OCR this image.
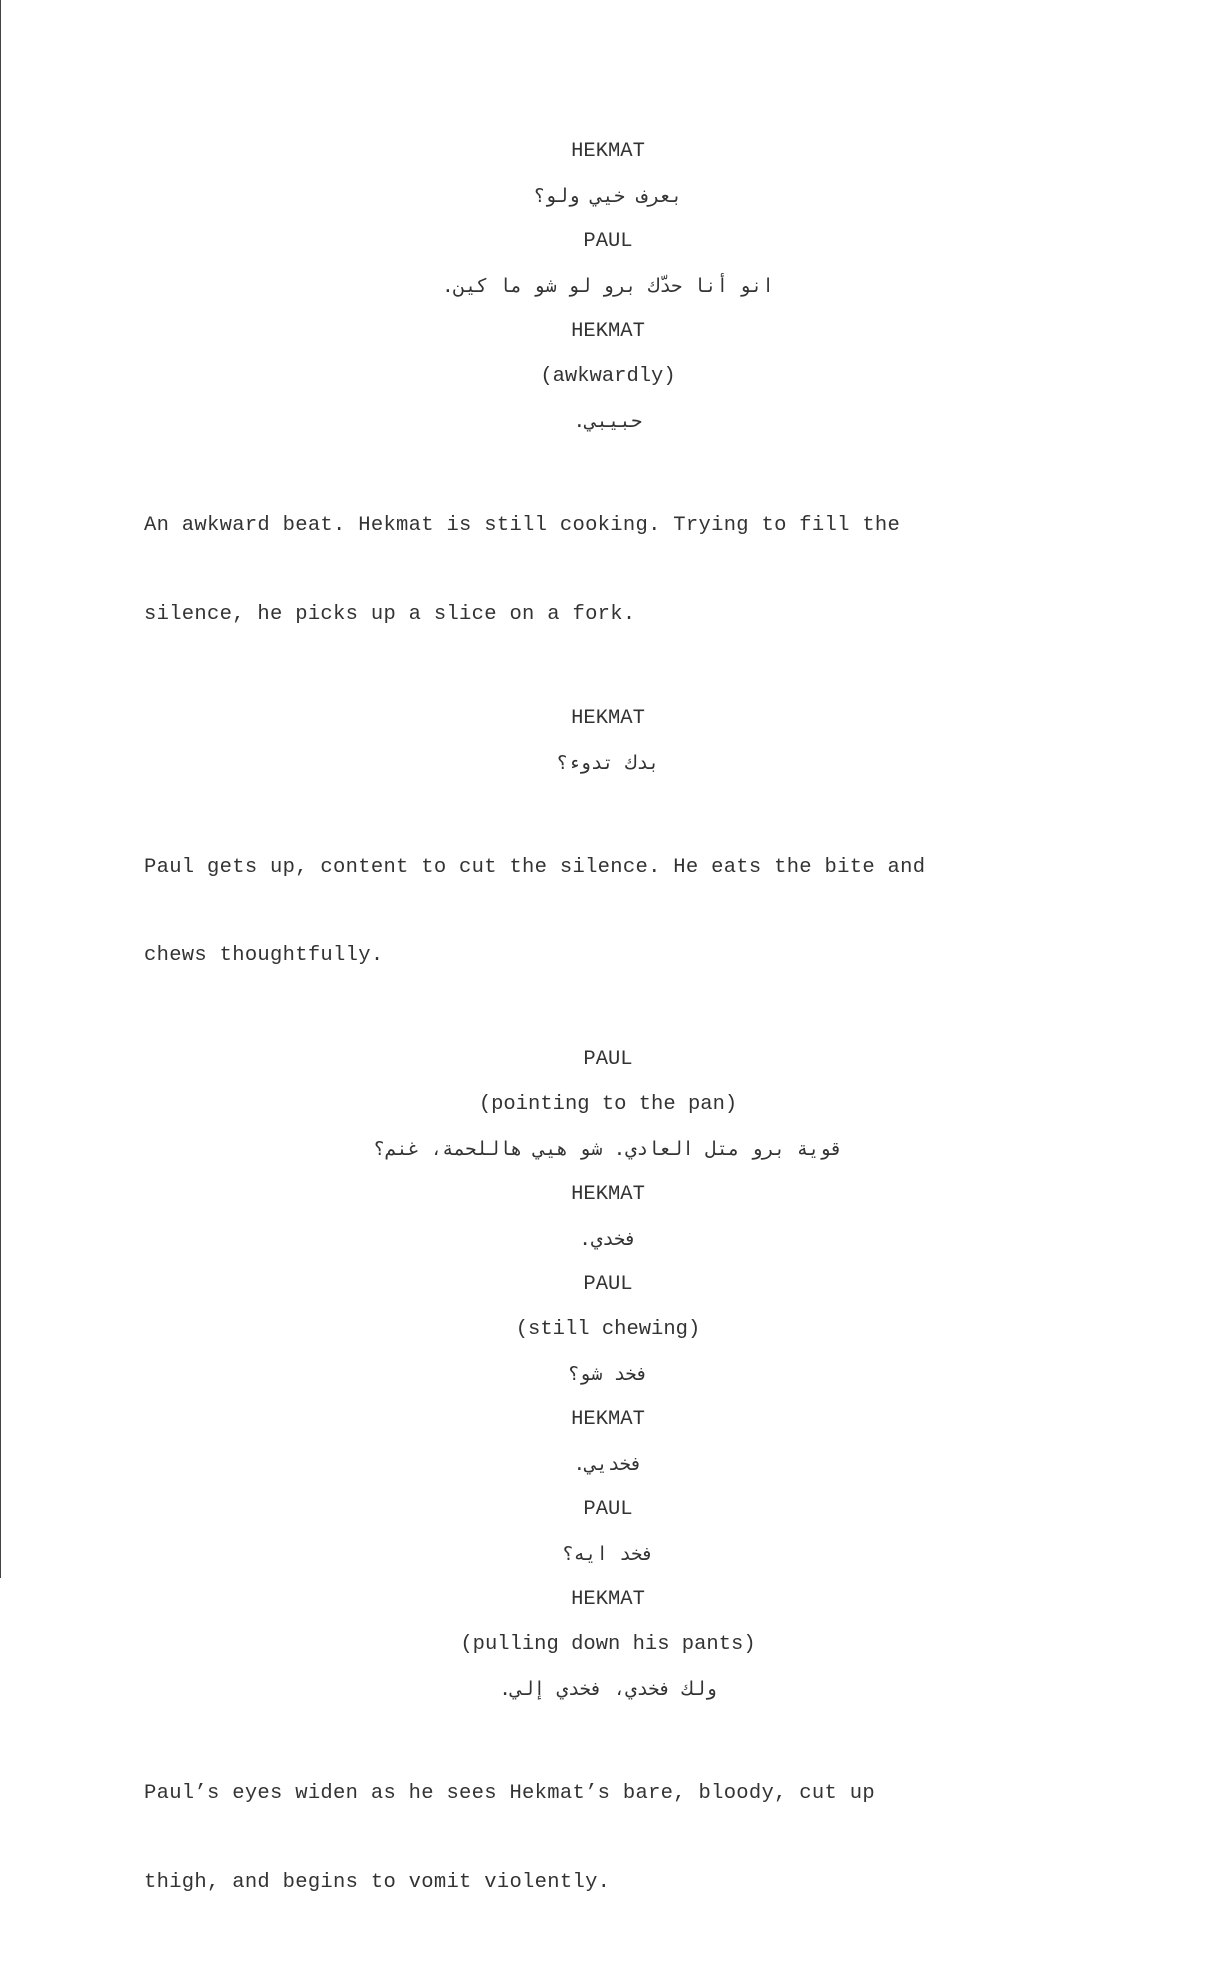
HEKMAT
بعرف خيي ولو؟
PAUL
انو أنا حدّك برو لو شو ما كين.
HEKMAT
(awkwardly)
حبيبي.

An awkward beat. Hekmat is still cooking. Trying to fill the

silence, he picks up a slice on a fork.

HEKMAT
بدك تدوء؟

Paul gets up, content to cut the silence. He eats the bite and

chews thoughtfully.

PAUL
(pointing to the pan)
قوية برو متل العادي. شو هيي هاللحمة، غنم؟
HEKMAT
فخدي.
PAUL
(still chewing)
فخد شو؟
HEKMAT
فخديي.
PAUL
فخد ايه؟
HEKMAT
(pulling down his pants)
ولك فخدي، فخدي إلي.

Paul’s eyes widen as he sees Hekmat’s bare, bloody, cut up

thigh, and begins to vomit violently.
